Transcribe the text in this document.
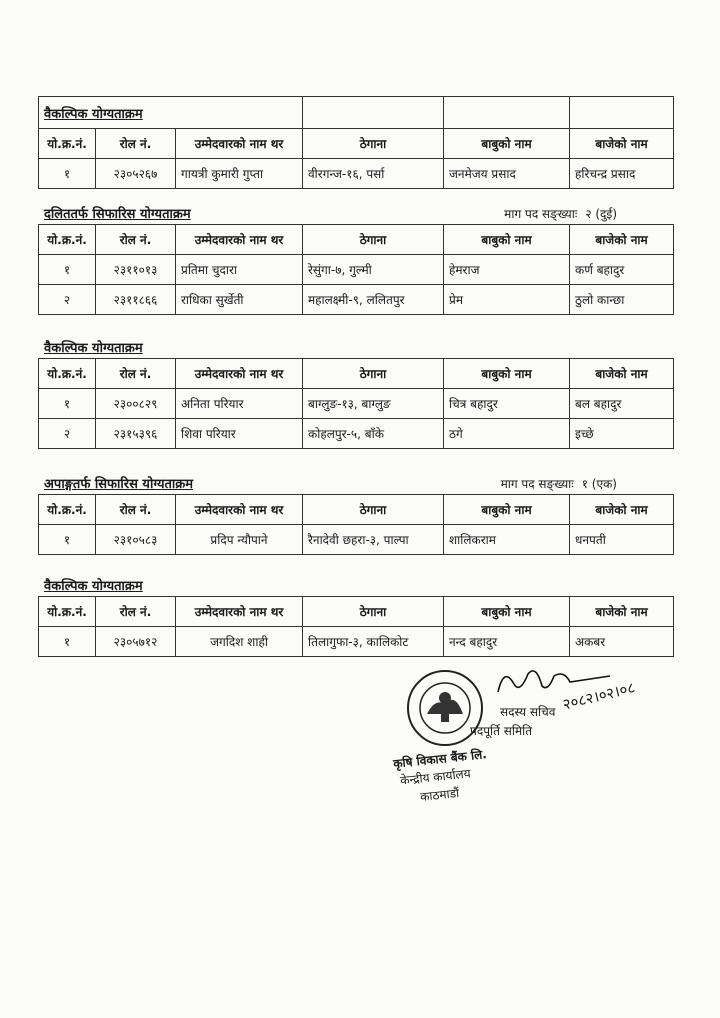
वैकल्पिक योग्यताक्रम					
यो.क्र.नं.	रोल नं.	उम्मेदवारको नाम थर	ठेगाना	बाबुको नाम	बाजेको नाम
१	२३०५२६७	गायत्री कुमारी गुप्ता	वीरगन्ज-१६, पर्सा	जनमेजय प्रसाद	हरिचन्द्र प्रसाद
दलिततर्फ सिफारिस योग्यताक्रम	माग पद सङ्ख्याः २ (दुई)
यो.क्र.नं.	रोल नं.	उम्मेदवारको नाम थर	ठेगाना	बाबुको नाम	बाजेको नाम
१	२३११०१३	प्रतिमा चुदारा	रेसुंगा-७, गुल्मी	हेमराज	कर्ण बहादुर
२	२३११८६६	राधिका सुर्खेती	महालक्ष्मी-९, ललितपुर	प्रेम	ठुलो कान्छा
वैकल्पिक योग्यताक्रम
यो.क्र.नं.	रोल नं.	उम्मेदवारको नाम थर	ठेगाना	बाबुको नाम	बाजेको नाम
१	२३००८२९	अनिता परियार	बाग्लुङ-१३, बाग्लुङ	चित्र बहादुर	बल बहादुर
२	२३१५३९६	शिवा परियार	कोहलपुर-५, बाँके	ठगे	इच्छे
अपाङ्गतर्फ सिफारिस योग्यताक्रम	माग पद सङ्ख्याः १ (एक)
यो.क्र.नं.	रोल नं.	उम्मेदवारको नाम थर	ठेगाना	बाबुको नाम	बाजेको नाम
१	२३१०५८३	प्रदिप न्यौपाने	रैनादेवी छहरा-३, पाल्पा	शालिकराम	धनपती
वैकल्पिक योग्यताक्रम
यो.क्र.नं.	रोल नं.	उम्मेदवारको नाम थर	ठेगाना	बाबुको नाम	बाजेको नाम
१	२३०५७१२	जगदिश शाही	तिलागुफा-३, कालिकोट	नन्द बहादुर	अकबर
कृषि विकास बैंक लि.
केन्द्रीय कार्यालय
काठमाडौं
सदस्य सचिव
पदपूर्ति समिति
२०८२।०२।०८
